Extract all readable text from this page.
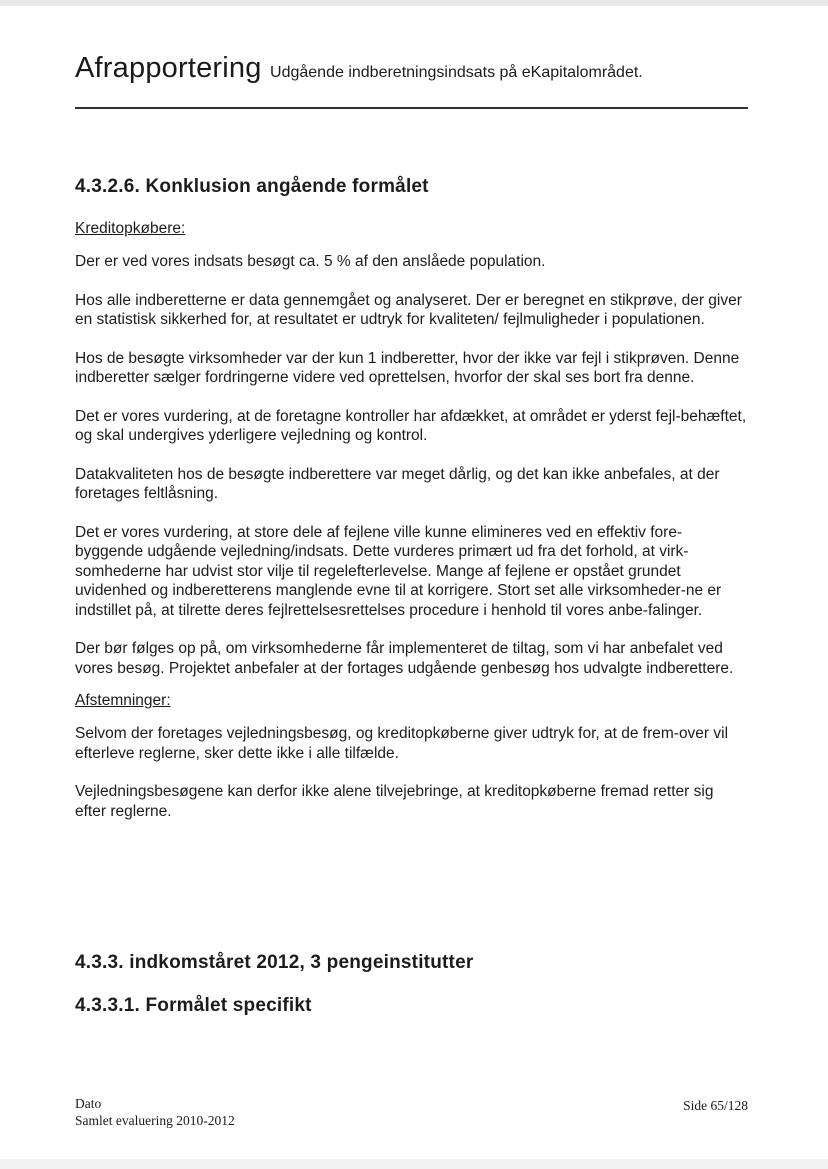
Afrapportering Udgående indberetningsindsats på eKapitalområdet.
4.3.2.6. Konklusion angående formålet
Kreditopkøbere:

Der er ved vores indsats besøgt ca. 5 % af den anslåede population.

Hos alle indberetterne er data gennemgået og analyseret. Der er beregnet en stikprøve, der giver en statistisk sikkerhed for, at resultatet er udtryk for kvaliteten/ fejlmuligheder i populationen.

Hos de besøgte virksomheder var der kun 1 indberetter, hvor der ikke var fejl i stikprøven. Denne indberetter sælger fordringerne videre ved oprettelsen, hvorfor der skal ses bort fra denne.

Det er vores vurdering, at de foretagne kontroller har afdækket, at området er yderst fejl-behæftet, og skal undergives yderligere vejledning og kontrol.

Datakvaliteten hos de besøgte indberettere var meget dårlig, og det kan ikke anbefales, at der foretages feltlåsning.

Det er vores vurdering, at store dele af fejlene ville kunne elimineres ved en effektiv fore-byggende udgående vejledning/indsats. Dette vurderes primært ud fra det forhold, at virk-somhederne har udvist stor vilje til regelefterlevelse. Mange af fejlene er opstået grundet uvidenhed og indberetterens manglende evne til at korrigere. Stort set alle virksomheder-ne er indstillet på, at tilrette deres fejlrettelsesrettelses procedure i henhold til vores anbe-falinger.

Der bør følges op på, om virksomhederne får implementeret de tiltag, som vi har anbefalet ved vores besøg. Projektet anbefaler at der fortages udgående genbesøg hos udvalgte indberettere.

Afstemninger:

Selvom der foretages vejledningsbesøg, og kreditopkøberne giver udtryk for, at de frem-over vil efterleve reglerne, sker dette ikke i alle tilfælde.

Vejledningsbesøgene kan derfor ikke alene tilvejebringe, at kreditopkøberne fremad retter sig efter reglerne.

4.3.3. indkomståret 2012, 3 pengeinstitutter
4.3.3.1. Formålet specifikt
Dato
Samlet evaluering 2010-2012
Side 65/128
